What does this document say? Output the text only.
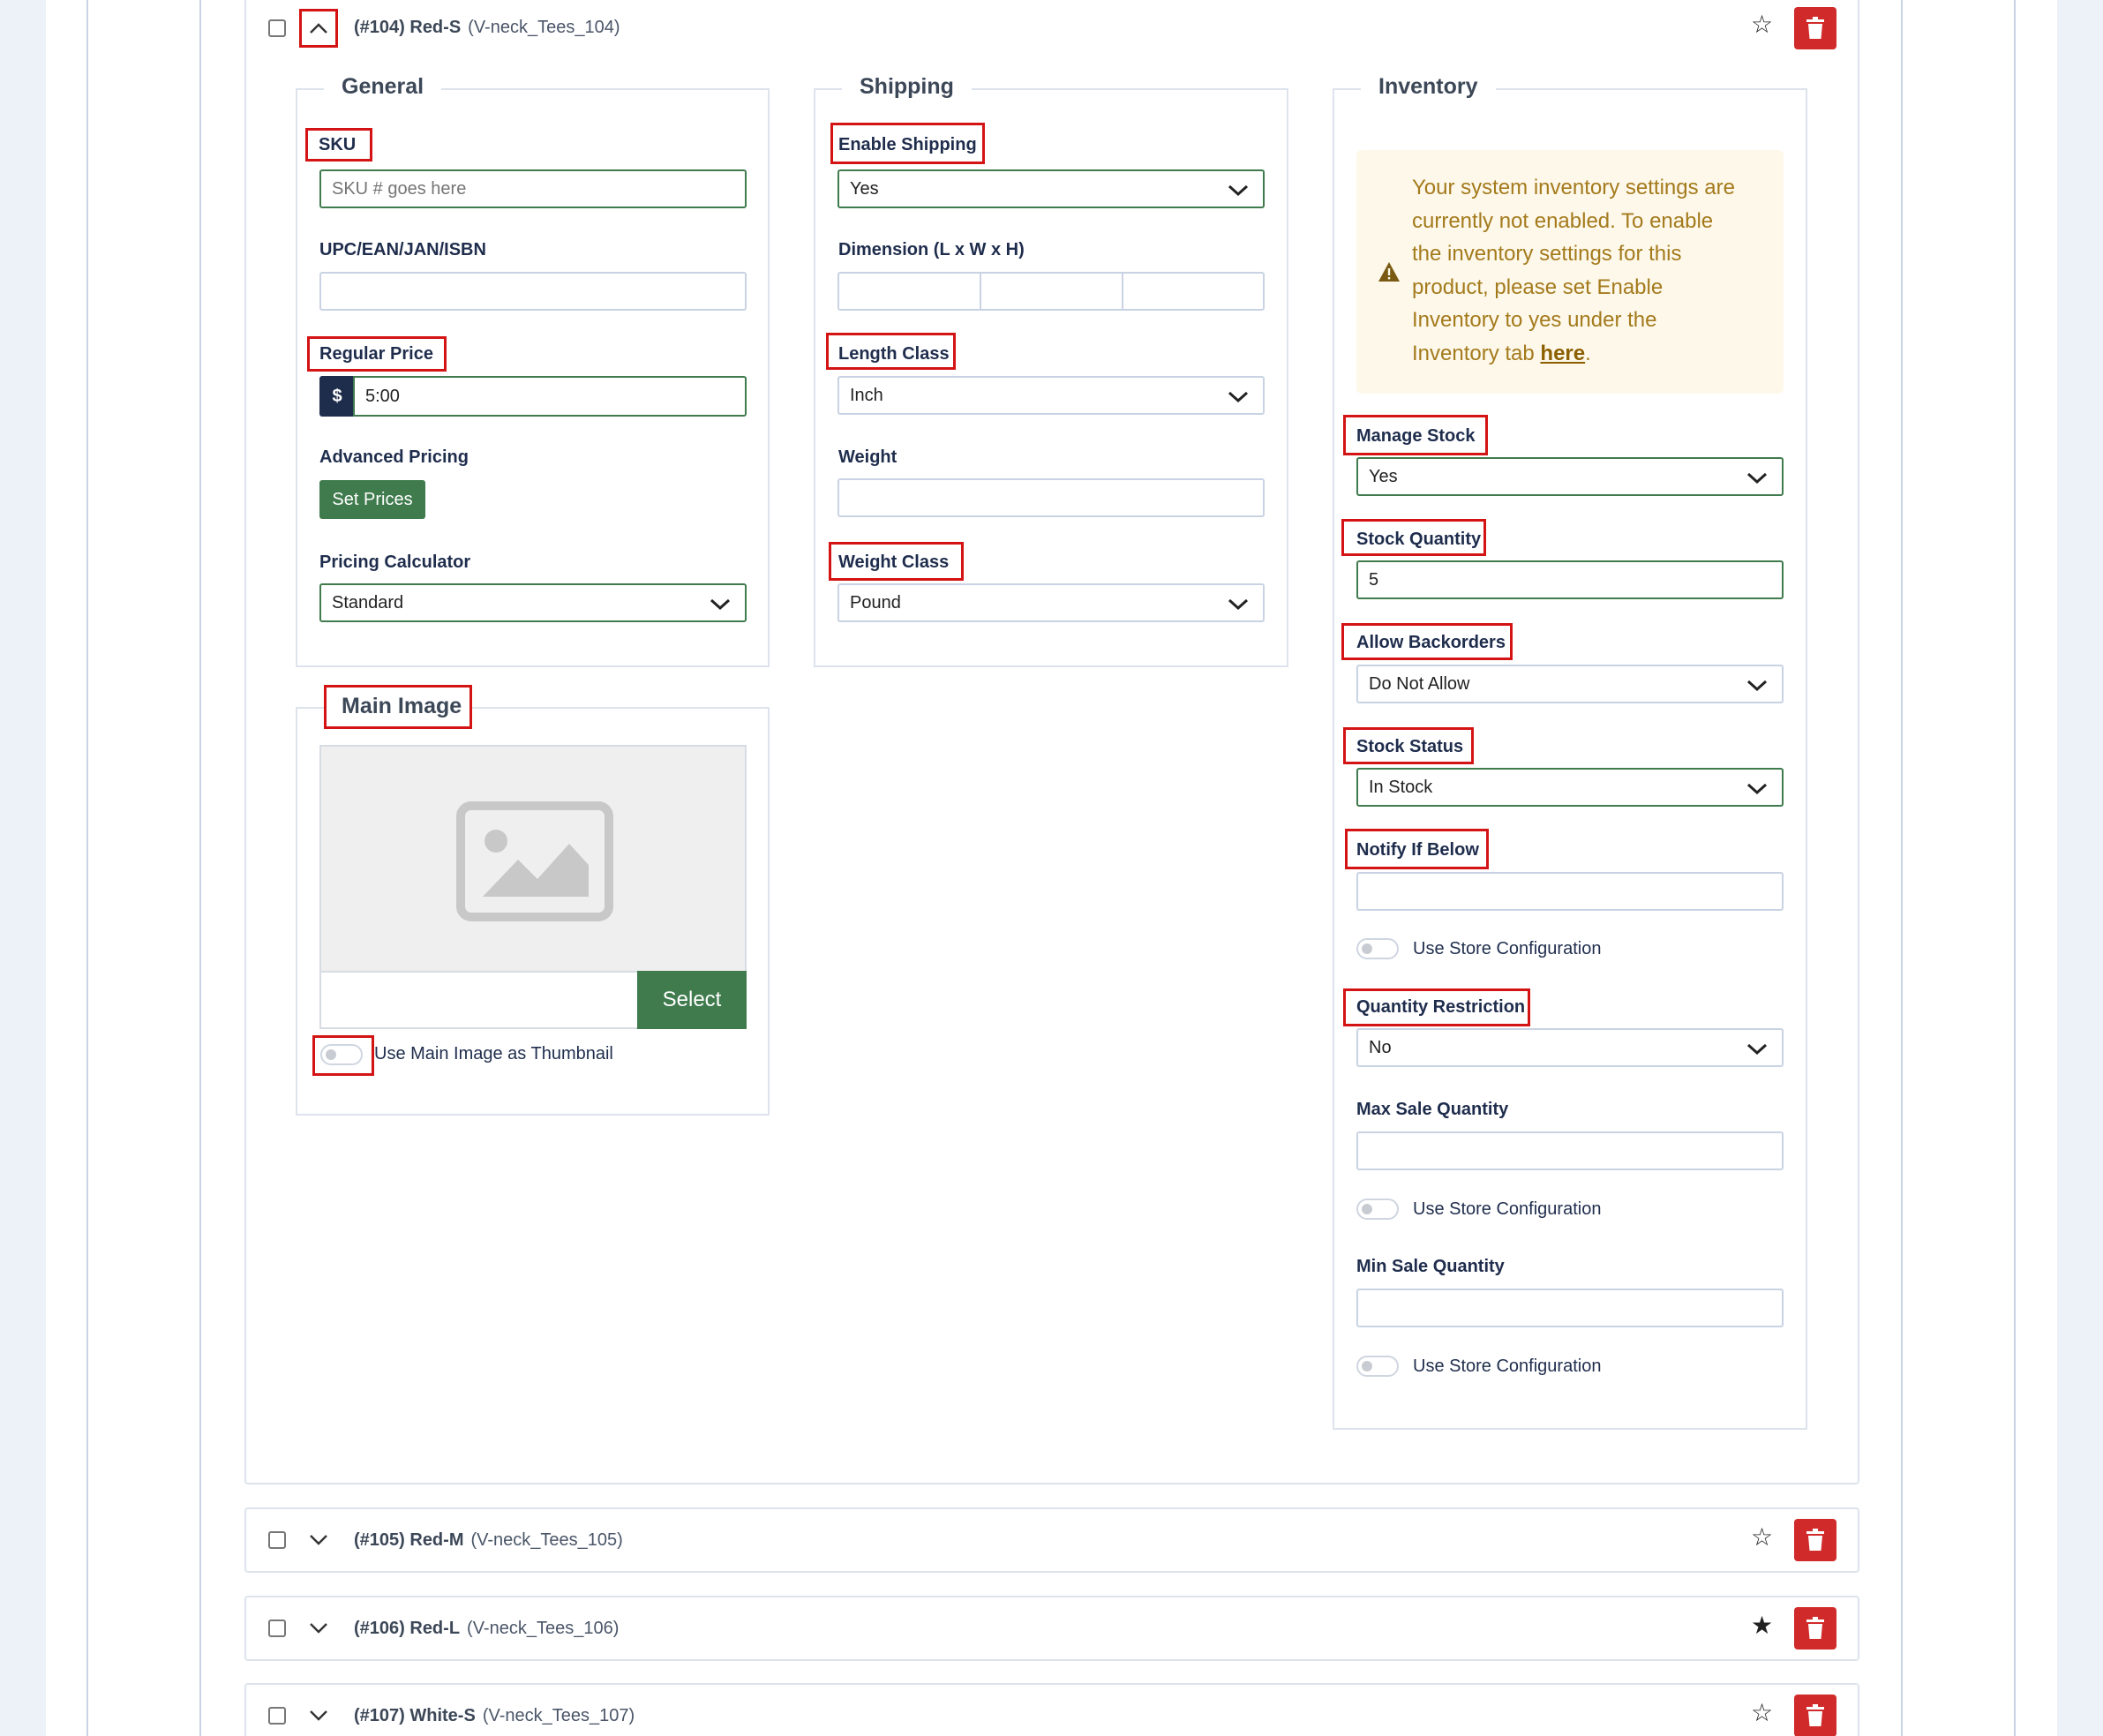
(#104) Red-S (V-neck_Tees_104)	☆
General
SKU
SKU # goes here
UPC/EAN/JAN/ISBN
Regular Price
$	5:00
Advanced Pricing
Set Prices
Pricing Calculator
Standard
Main Image
Select
Use Main Image as Thumbnail
Shipping
Enable Shipping
Yes
Dimension (L x W x H)
Length Class
Inch
Weight
Weight Class
Pound
Inventory
Your system inventory settings are
currently not enabled. To enable
the inventory settings for this
product, please set Enable
Inventory to yes under the
Inventory tab here.
Manage Stock
Yes
Stock Quantity
5
Allow Backorders
Do Not Allow
Stock Status
In Stock
Notify If Below
Use Store Configuration
Quantity Restriction
No
Max Sale Quantity
Use Store Configuration
Min Sale Quantity
Use Store Configuration
(#105) Red-M (V-neck_Tees_105)	☆
(#106) Red-L (V-neck_Tees_106)	★
(#107) White-S (V-neck_Tees_107)	☆
